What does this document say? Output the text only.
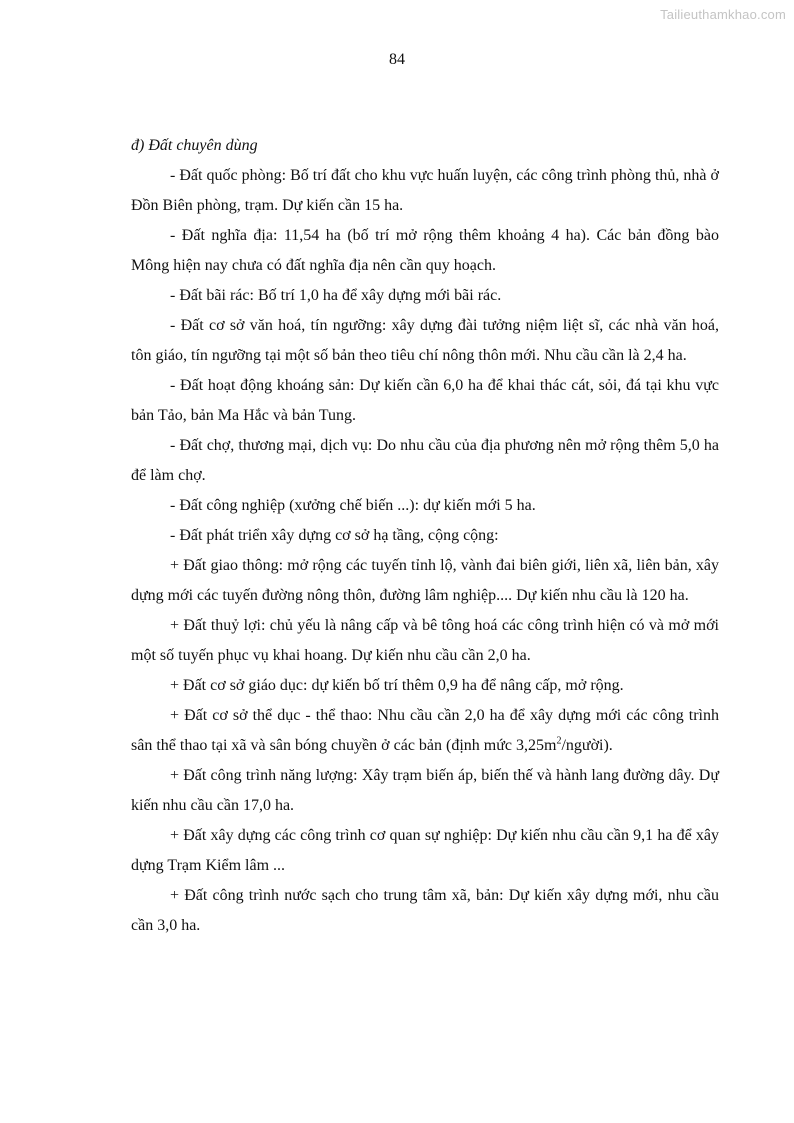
Tailieuthamkhao.com
84

đ) Đất chuyên dùng

- Đất quốc phòng: Bố trí đất cho khu vực huấn luyện, các công trình phòng thủ, nhà ở Đồn Biên phòng, trạm. Dự kiến cần 15 ha.

- Đất nghĩa địa: 11,54 ha (bố trí mở rộng thêm khoảng 4 ha). Các bản đồng bào Mông hiện nay chưa có đất nghĩa địa nên cần quy hoạch.

- Đất bãi rác: Bố trí 1,0 ha để xây dựng mới bãi rác.

- Đất cơ sở văn hoá, tín ngưỡng: xây dựng đài tưởng niệm liệt sĩ, các nhà văn hoá, tôn giáo, tín ngưỡng tại một số bản theo tiêu chí nông thôn mới. Nhu cầu cần là 2,4 ha.

- Đất hoạt động khoáng sản: Dự kiến cần 6,0 ha để khai thác cát, sỏi, đá tại khu vực bản Tảo, bản Ma Hắc và bản Tung.

- Đất chợ, thương mại, dịch vụ: Do nhu cầu của địa phương nên mở rộng thêm 5,0 ha để làm chợ.

- Đất công nghiệp (xưởng chế biến ...): dự kiến mới 5 ha.

- Đất phát triển xây dựng cơ sở hạ tầng, cộng cộng:

+ Đất giao thông: mở rộng các tuyến tỉnh lộ, vành đai biên giới, liên xã, liên bản, xây dựng mới các tuyến đường nông thôn, đường lâm nghiệp.... Dự kiến nhu cầu là 120 ha.

+ Đất thuỷ lợi: chủ yếu là nâng cấp và bê tông hoá các công trình hiện có và mở mới một số tuyến phục vụ khai hoang. Dự kiến nhu cầu cần 2,0 ha.

+ Đất cơ sở giáo dục: dự kiến bố trí thêm 0,9 ha để nâng cấp, mở rộng.

+ Đất cơ sở thể dục - thể thao: Nhu cầu cần 2,0 ha để xây dựng mới các công trình sân thể thao tại xã và sân bóng chuyền ở các bản (định mức $3,25m^2/người$).

+ Đất công trình năng lượng: Xây trạm biến áp, biến thế và hành lang đường dây. Dự kiến nhu cầu cần 17,0 ha.

+ Đất xây dựng các công trình cơ quan sự nghiệp: Dự kiến nhu cầu cần 9,1 ha để xây dựng Trạm Kiểm lâm ...

+ Đất công trình nước sạch cho trung tâm xã, bản: Dự kiến xây dựng mới, nhu cầu cần 3,0 ha.
